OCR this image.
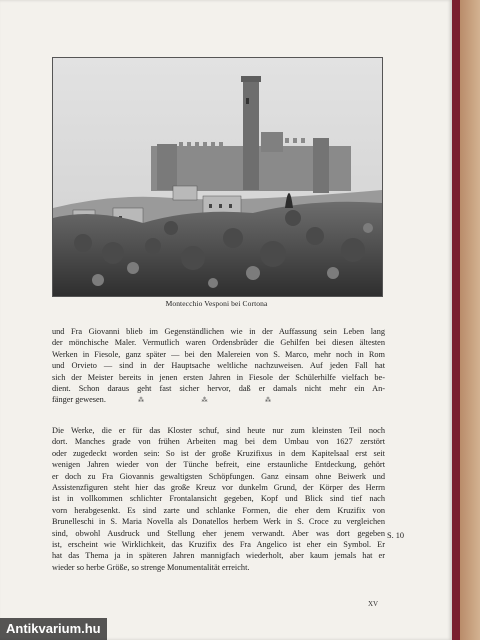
Montecchio Vesponi bei Cortona

und Fra Giovanni blieb im Gegenständlichen wie in der Auffassung sein Leben lang
der mönchische Maler. Vermutlich waren Ordensbrüder die Gehilfen bei diesen ältesten
Werken in Fiesole, ganz später — bei den Malereien von S. Marco, mehr noch in Rom
und Orvieto — sind in der Hauptsache weltliche nachzuweisen. Auf jeden Fall hat
sich der Meister bereits in jenen ersten Jahren in Fiesole der Schülerhilfe vielfach be-
dient. Schon daraus geht fast sicher hervor, daß er damals nicht mehr ein An-
fänger gewesen.	⁂ ⁂ ⁂

Die Werke, die er für das Kloster schuf, sind heute nur zum kleinsten Teil noch
dort. Manches grade von frühen Arbeiten mag bei dem Umbau von 1627 zerstört
oder zugedeckt worden sein: So ist der große Kruzifixus in dem Kapitelsaal erst seit
wenigen Jahren wieder von der Tünche befreit, eine erstaunliche Entdeckung, gehört
er doch zu Fra Giovannis gewaltigsten Schöpfungen. Ganz einsam ohne Beiwerk und
Assistenzfiguren steht hier das große Kreuz vor dunkelm Grund, der Körper des Herrn
ist in vollkommen schlichter Frontalansicht gegeben, Kopf und Blick sind tief nach
vorn herabgesenkt. Es sind zarte und schlanke Formen, die eher dem Kruzifix von
Brunelleschi in S. Maria Novella als Donatellos herbem Werk in S. Croce zu vergleichen
sind, obwohl Ausdruck und Stellung eher jenem verwandt. Aber was dort gegeben
ist, erscheint wie Wirklichkeit, das Kruzifix des Fra Angelico ist eher ein Symbol. Er
hat das Thema ja in späteren Jahren mannigfach wiederholt, aber kaum jemals hat er
wieder so herbe Größe, so strenge Monumentalität erreicht.

S. 10
XV
Antikvarium.hu
